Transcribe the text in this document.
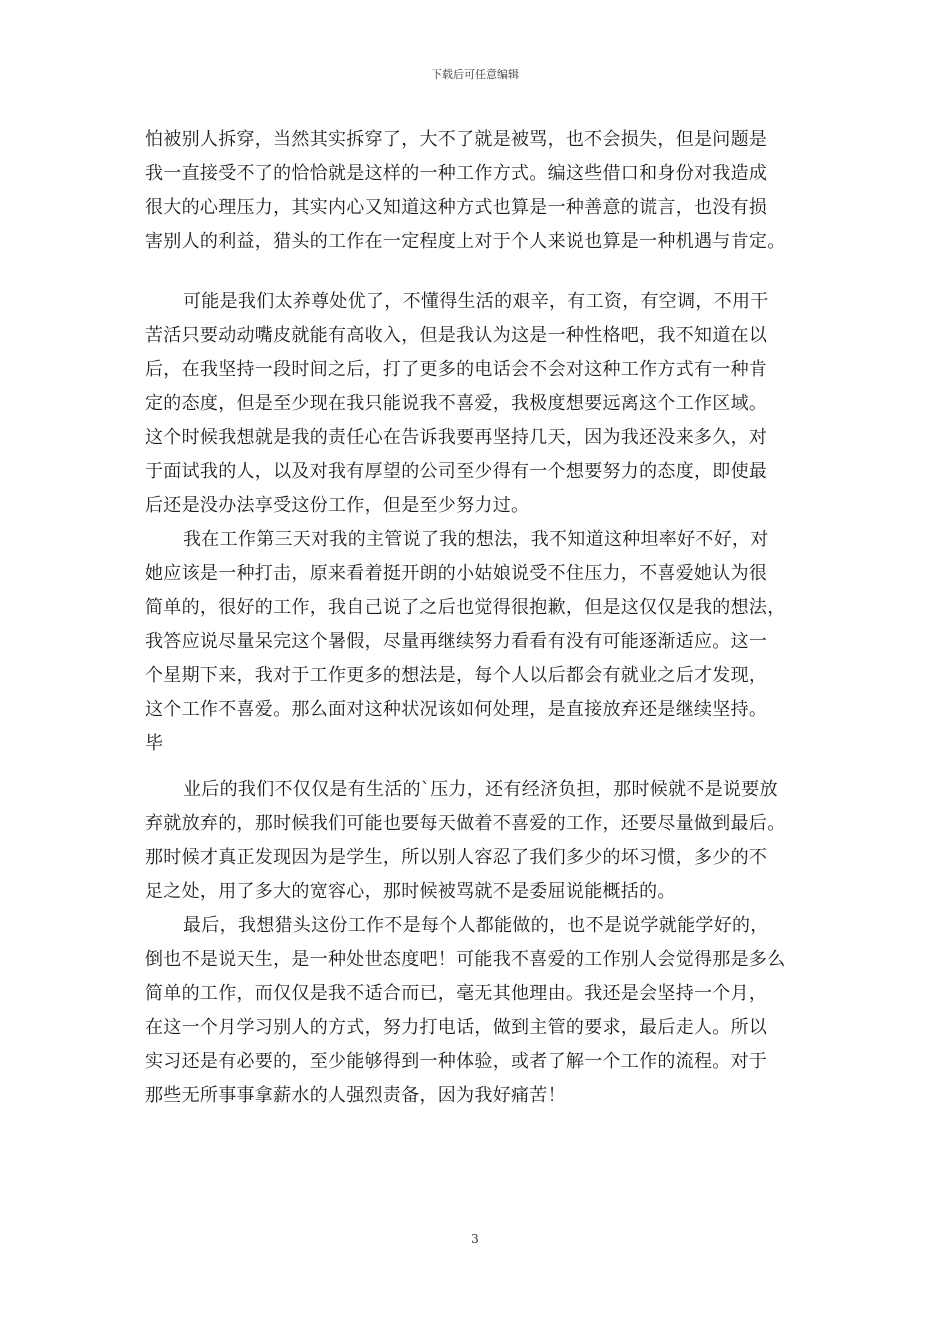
下载后可任意编辑
怕被别人拆穿，当然其实拆穿了，大不了就是被骂，也不会损失，但是问题是
我一直接受不了的恰恰就是这样的一种工作方式。编这些借口和身份对我造成
很大的心理压力，其实内心又知道这种方式也算是一种善意的谎言，也没有损
害别人的利益，猎头的工作在一定程度上对于个人来说也算是一种机遇与肯定。
可能是我们太养尊处优了，不懂得生活的艰辛，有工资，有空调，不用干
苦活只要动动嘴皮就能有高收入，但是我认为这是一种性格吧，我不知道在以
后，在我坚持一段时间之后，打了更多的电话会不会对这种工作方式有一种肯
定的态度，但是至少现在我只能说我不喜爱，我极度想要远离这个工作区域。
这个时候我想就是我的责任心在告诉我要再坚持几天，因为我还没来多久，对
于面试我的人，以及对我有厚望的公司至少得有一个想要努力的态度，即使最
后还是没办法享受这份工作，但是至少努力过。
我在工作第三天对我的主管说了我的想法，我不知道这种坦率好不好，对
她应该是一种打击，原来看着挺开朗的小姑娘说受不住压力，不喜爱她认为很
简单的，很好的工作，我自己说了之后也觉得很抱歉，但是这仅仅是我的想法，
我答应说尽量呆完这个暑假，尽量再继续努力看看有没有可能逐渐适应。这一
个星期下来，我对于工作更多的想法是，每个人以后都会有就业之后才发现，
这个工作不喜爱。那么面对这种状况该如何处理，是直接放弃还是继续坚持。
毕
业后的我们不仅仅是有生活的`压力，还有经济负担，那时候就不是说要放
弃就放弃的，那时候我们可能也要每天做着不喜爱的工作，还要尽量做到最后。
那时候才真正发现因为是学生，所以别人容忍了我们多少的坏习惯，多少的不
足之处，用了多大的宽容心，那时候被骂就不是委屈说能概括的。
最后，我想猎头这份工作不是每个人都能做的，也不是说学就能学好的，
倒也不是说天生，是一种处世态度吧！可能我不喜爱的工作别人会觉得那是多么
简单的工作，而仅仅是我不适合而已，毫无其他理由。我还是会坚持一个月，
在这一个月学习别人的方式，努力打电话，做到主管的要求，最后走人。所以
实习还是有必要的，至少能够得到一种体验，或者了解一个工作的流程。对于
那些无所事事拿薪水的人强烈责备，因为我好痛苦！
3
